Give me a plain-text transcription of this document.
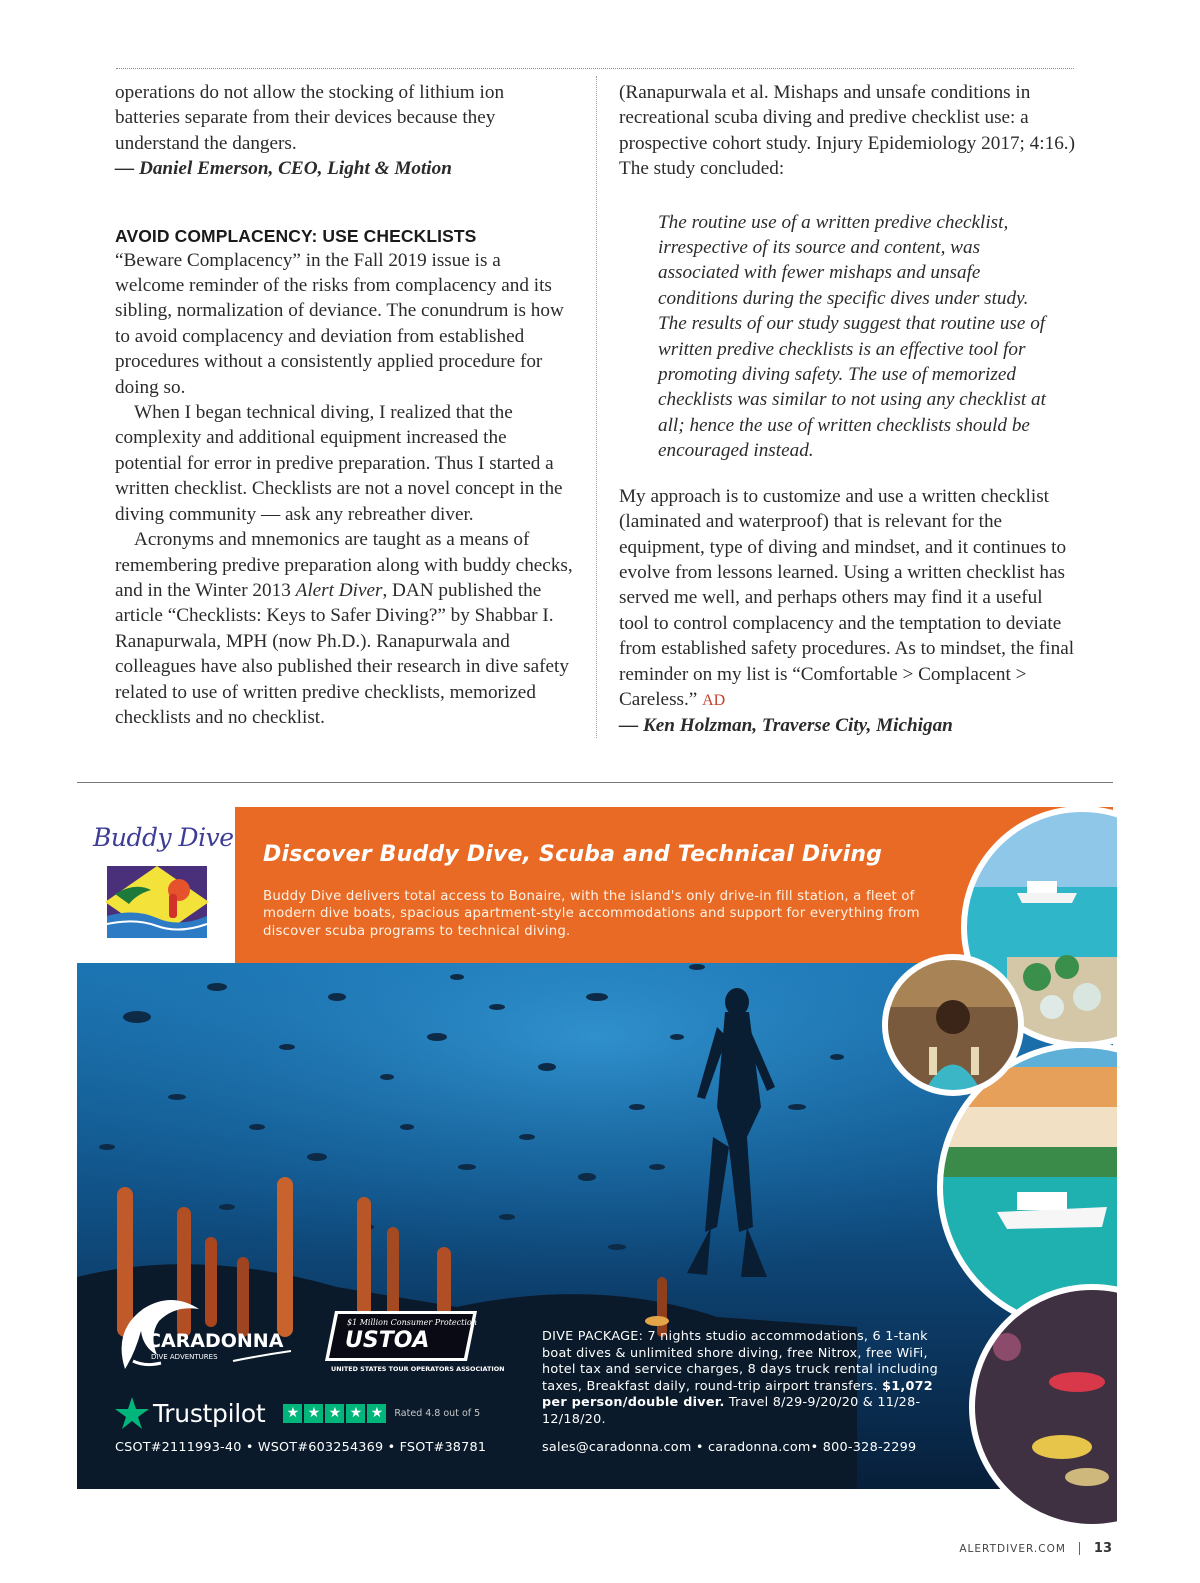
operations do not allow the stocking of lithium ion batteries separate from their devices because they understand the dangers.

— Daniel Emerson, CEO, Light & Motion

AVOID COMPLACENCY: USE CHECKLISTS

“Beware Complacency” in the Fall 2019 issue is a welcome reminder of the risks from complacency and its sibling, normalization of deviance. The conundrum is how to avoid complacency and deviation from established procedures without a consistently applied procedure for doing so.

When I began technical diving, I realized that the complexity and additional equipment increased the potential for error in predive preparation. Thus I started a written checklist. Checklists are not a novel concept in the diving community — ask any rebreather diver.

Acronyms and mnemonics are taught as a means of remembering predive preparation along with buddy checks, and in the Winter 2013 Alert Diver, DAN published the article “Checklists: Keys to Safer Diving?” by Shabbar I. Ranapurwala, MPH (now Ph.D.). Ranapurwala and colleagues have also published their research in dive safety related to use of written predive checklists, memorized checklists and no checklist.

(Ranapurwala et al. Mishaps and unsafe conditions in recreational scuba diving and predive checklist use: a prospective cohort study. Injury Epidemiology 2017; 4:16.) The study concluded:

The routine use of a written predive checklist, irrespective of its source and content, was associated with fewer mishaps and unsafe conditions during the specific dives under study. The results of our study suggest that routine use of written predive checklists is an effective tool for promoting diving safety. The use of memorized checklists was similar to not using any checklist at all; hence the use of written checklists should be encouraged instead.

My approach is to customize and use a written checklist (laminated and waterproof) that is relevant for the equipment, type of diving and mindset, and it continues to evolve from lessons learned. Using a written checklist has served me well, and perhaps others may find it a useful tool to control complacency and the temptation to deviate from established safety procedures. As to mindset, the final reminder on my list is “Comfortable > Complacent > Careless.” AD

— Ken Holzman, Traverse City, Michigan

Buddy Dive
Discover Buddy Dive, Scuba and Technical Diving
Buddy Dive delivers total access to Bonaire, with the island's only drive-in fill station, a fleet of modern dive boats, spacious apartment-style accommodations and support for everything from discover scuba programs to technical diving.
CARADONNA
DIVE ADVENTURES
$1 Million Consumer Protection
USTOA
UNITED STATES TOUR OPERATORS ASSOCIATION
Trustpilot ★ ★ ★ ★ ★	Rated 4.8 out of 5
CSOT#2111993-40 • WSOT#603254369 • FSOT#38781
DIVE PACKAGE: 7 nights studio accommodations, 6 1-tank boat dives & unlimited shore diving, free Nitrox, free WiFi, hotel tax and service charges, 8 days truck rental including taxes, Breakfast daily, round-trip airport transfers. $1,072 per person/double diver. Travel 8/29-9/20/20 & 11/28-12/18/20.
sales@caradonna.com • caradonna.com• 800-328-2299
ALERTDIVER.COM 13
